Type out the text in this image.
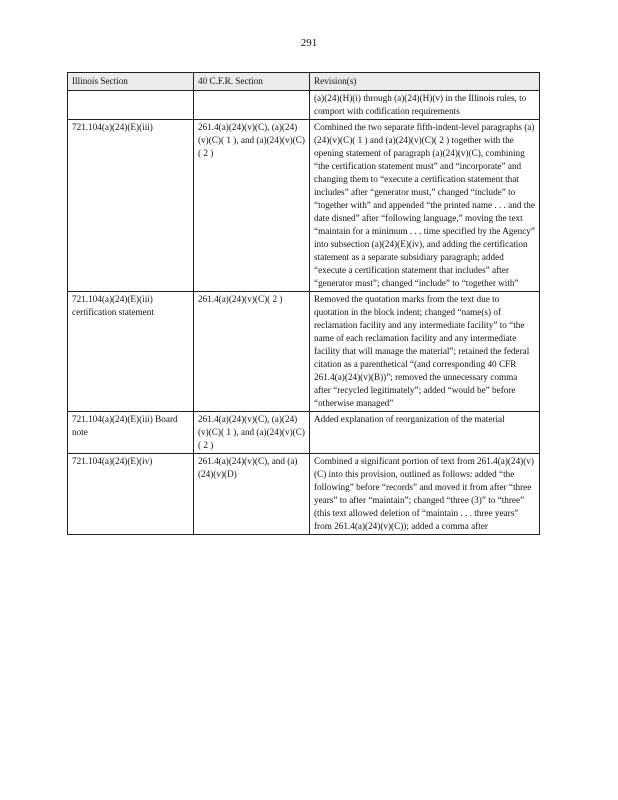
291
Illinois Section	40 C.F.R. Section	Revision(s)
		(a)(24)(H)(i) through (a)(24)(H)(v) in the Illinois rules, to comport with codification requirements
721.104(a)(24)(E)(iii)	261.4(a)(24)(v)(C), (a)(24)(v)(C)( 1 ), and (a)(24)(v)(C)( 2 )	Combined the two separate fifth-indent-level paragraphs (a)(24)(v)(C)( 1 ) and (a)(24)(v)(C)( 2 ) together with the opening statement of paragraph (a)(24)(v)(C), combining “the certification statement must” and “incorporate” and changing them to “execute a certification statement that includes” after “generator must,” changed “include” to “together with” and appended “the printed name . . . and the date disned” after “following language,” moving the text “maintain for a minimum . . . time specified by the Agency” into subsection (a)(24)(E)(iv), and adding the certification statement as a separate subsidiary paragraph; added “execute a certification statement that includes” after “generator must”; changed “include” to “together with”
721.104(a)(24)(E)(iii) certification statement	261.4(a)(24)(v)(C)( 2 )	Removed the quotation marks from the text due to quotation in the block indent; changed “name(s) of reclamation facility and any intermediate facility” to “the name of each reclamation facility and any intermediate facility that will manage the material”; retained the federal citation as a parenthetical “(and corresponding 40 CFR 261.4(a)(24)(v)(B))”; removed the unnecessary comma after “recycled legitimately”; added “would be” before “otherwise managed”
721.104(a)(24)(E)(iii) Board note	261.4(a)(24)(v)(C), (a)(24)(v)(C)( 1 ), and (a)(24)(v)(C)( 2 )	Added explanation of reorganization of the material
721.104(a)(24)(E)(iv)	261.4(a)(24)(v)(C), and (a)(24)(v)(D)	Combined a significant portion of text from 261.4(a)(24)(v)(C) into this provision, outlined as follows: added “the following” before “records” and moved it from after “three years” to after “maintain”; changed “three (3)” to “three” (this text allowed deletion of “maintain . . . three years” from 261.4(a)(24)(v)(C)); added a comma after
